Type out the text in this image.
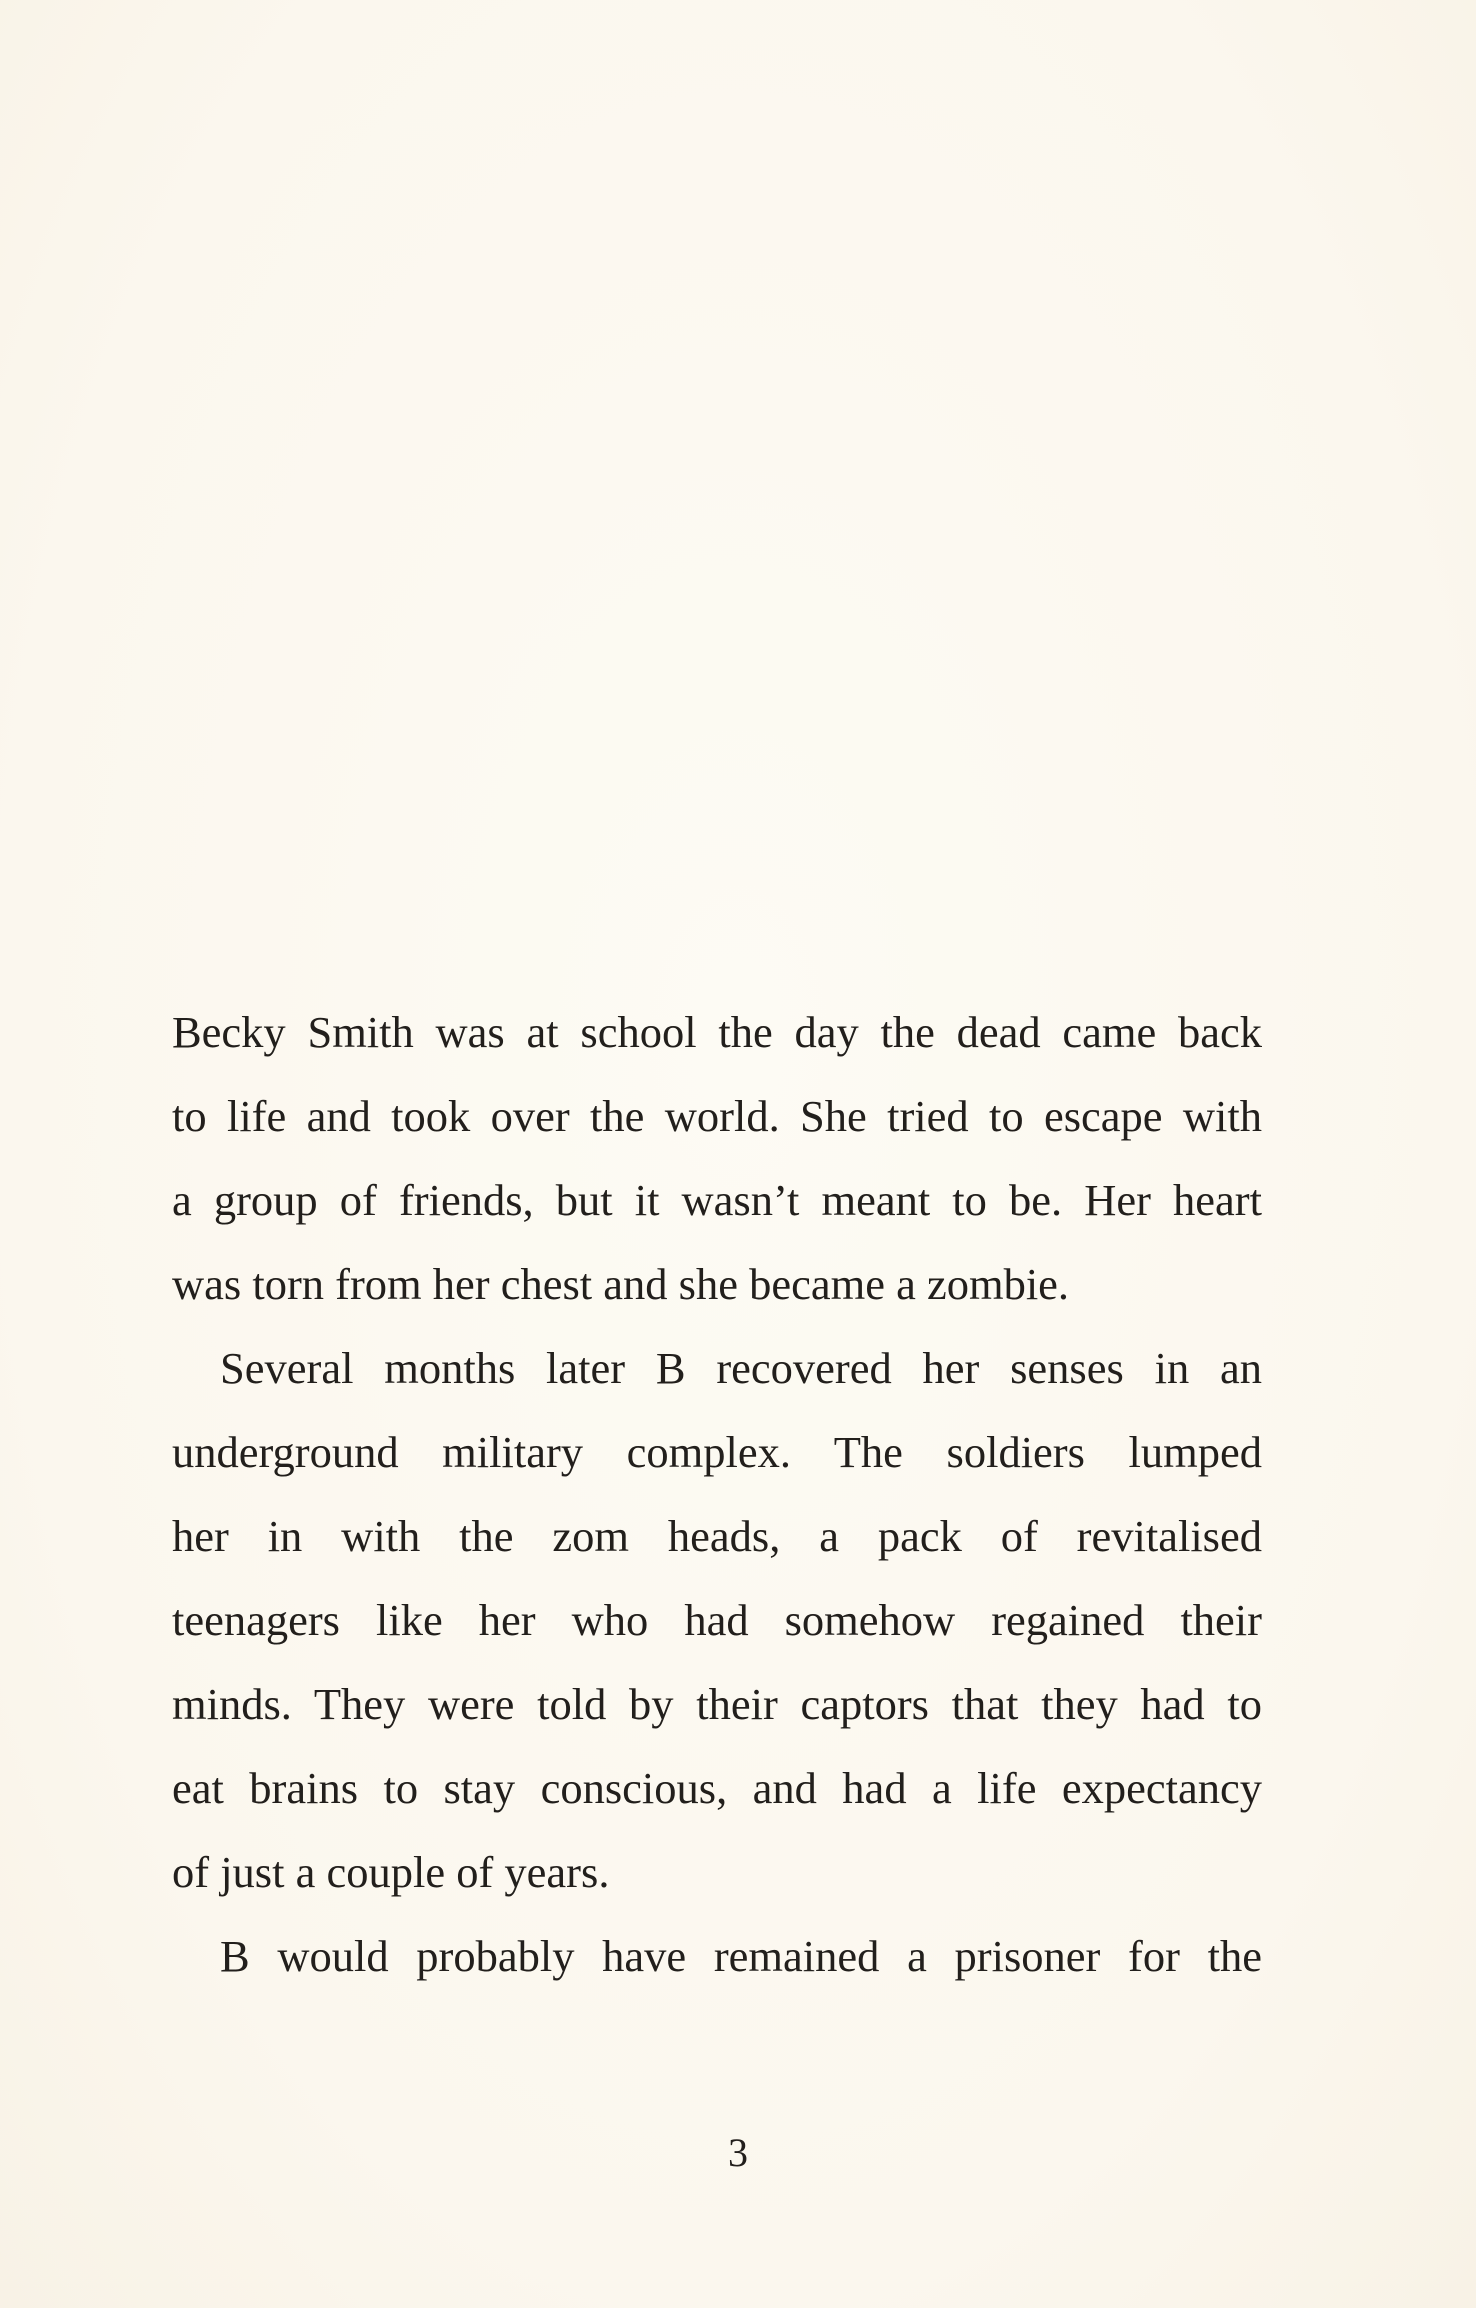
Becky Smith was at school the day the dead came back
to life and took over the world. She tried to escape with
a group of friends, but it wasn’t meant to be. Her heart
was torn from her chest and she became a zombie.

Several months later B recovered her senses in an
underground military complex. The soldiers lumped
her in with the zom heads, a pack of revitalised
teenagers like her who had somehow regained their
minds. They were told by their captors that they had to
eat brains to stay conscious, and had a life expectancy
of just a couple of years.

B would probably have remained a prisoner for the

3
